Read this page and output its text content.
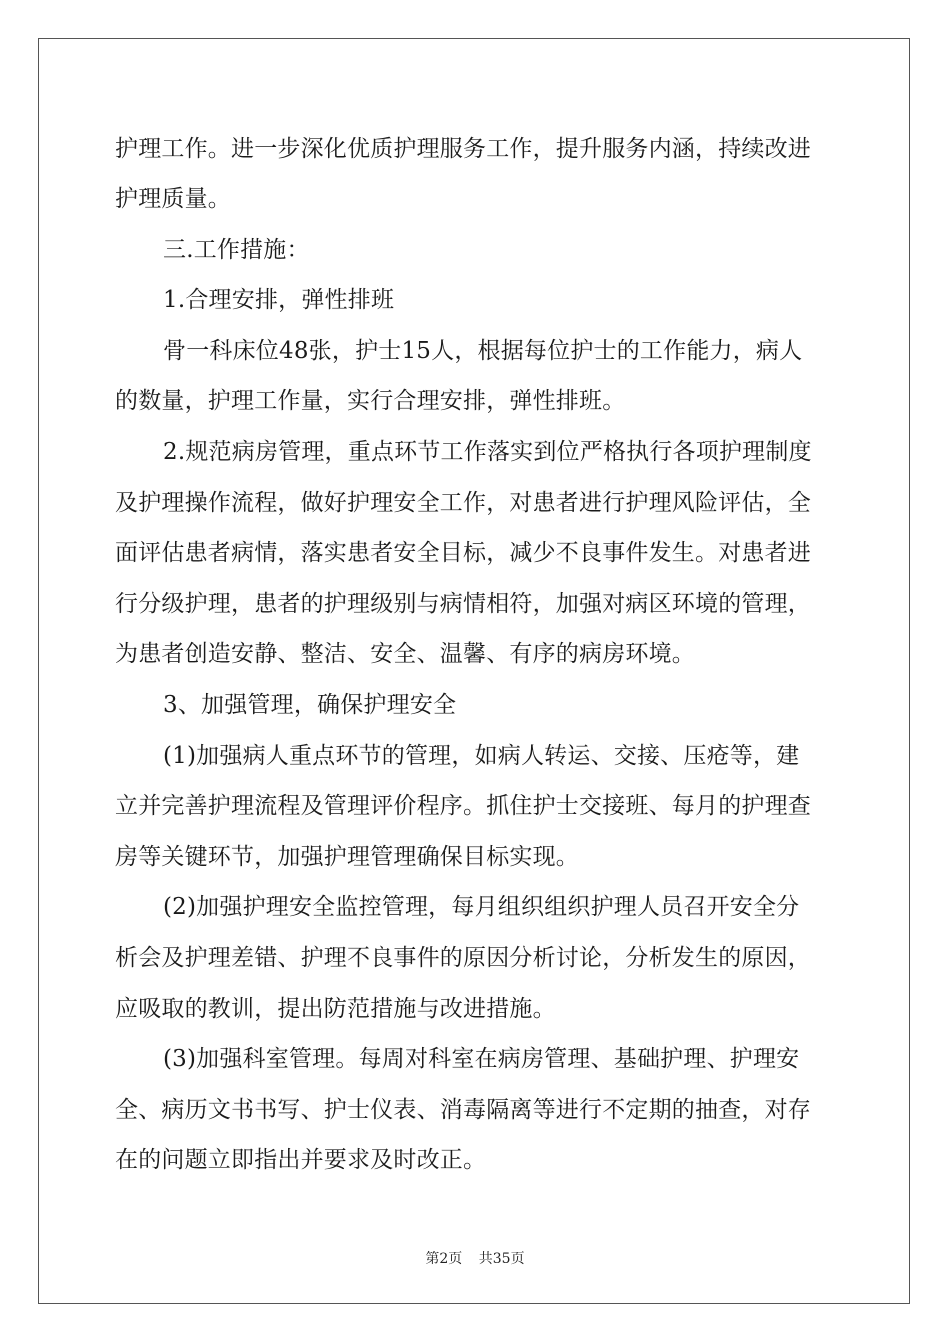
护理工作。进一步深化优质护理服务工作，提升服务内涵，持续改进
护理质量。
三.工作措施：
1.合理安排，弹性排班
骨一科床位48张，护士15人，根据每位护士的工作能力，病人
的数量，护理工作量，实行合理安排，弹性排班。
2.规范病房管理，重点环节工作落实到位严格执行各项护理制度
及护理操作流程，做好护理安全工作，对患者进行护理风险评估，全
面评估患者病情，落实患者安全目标，减少不良事件发生。对患者进
行分级护理，患者的护理级别与病情相符，加强对病区环境的管理，
为患者创造安静、整洁、安全、温馨、有序的病房环境。
3、加强管理，确保护理安全
(1)加强病人重点环节的管理，如病人转运、交接、压疮等，建
立并完善护理流程及管理评价程序。抓住护士交接班、每月的护理查
房等关键环节，加强护理管理确保目标实现。
(2)加强护理安全监控管理，每月组织组织护理人员召开安全分
析会及护理差错、护理不良事件的原因分析讨论，分析发生的原因，
应吸取的教训，提出防范措施与改进措施。
(3)加强科室管理。每周对科室在病房管理、基础护理、护理安
全、病历文书书写、护士仪表、消毒隔离等进行不定期的抽查，对存
在的问题立即指出并要求及时改正。
第2页 共35页
